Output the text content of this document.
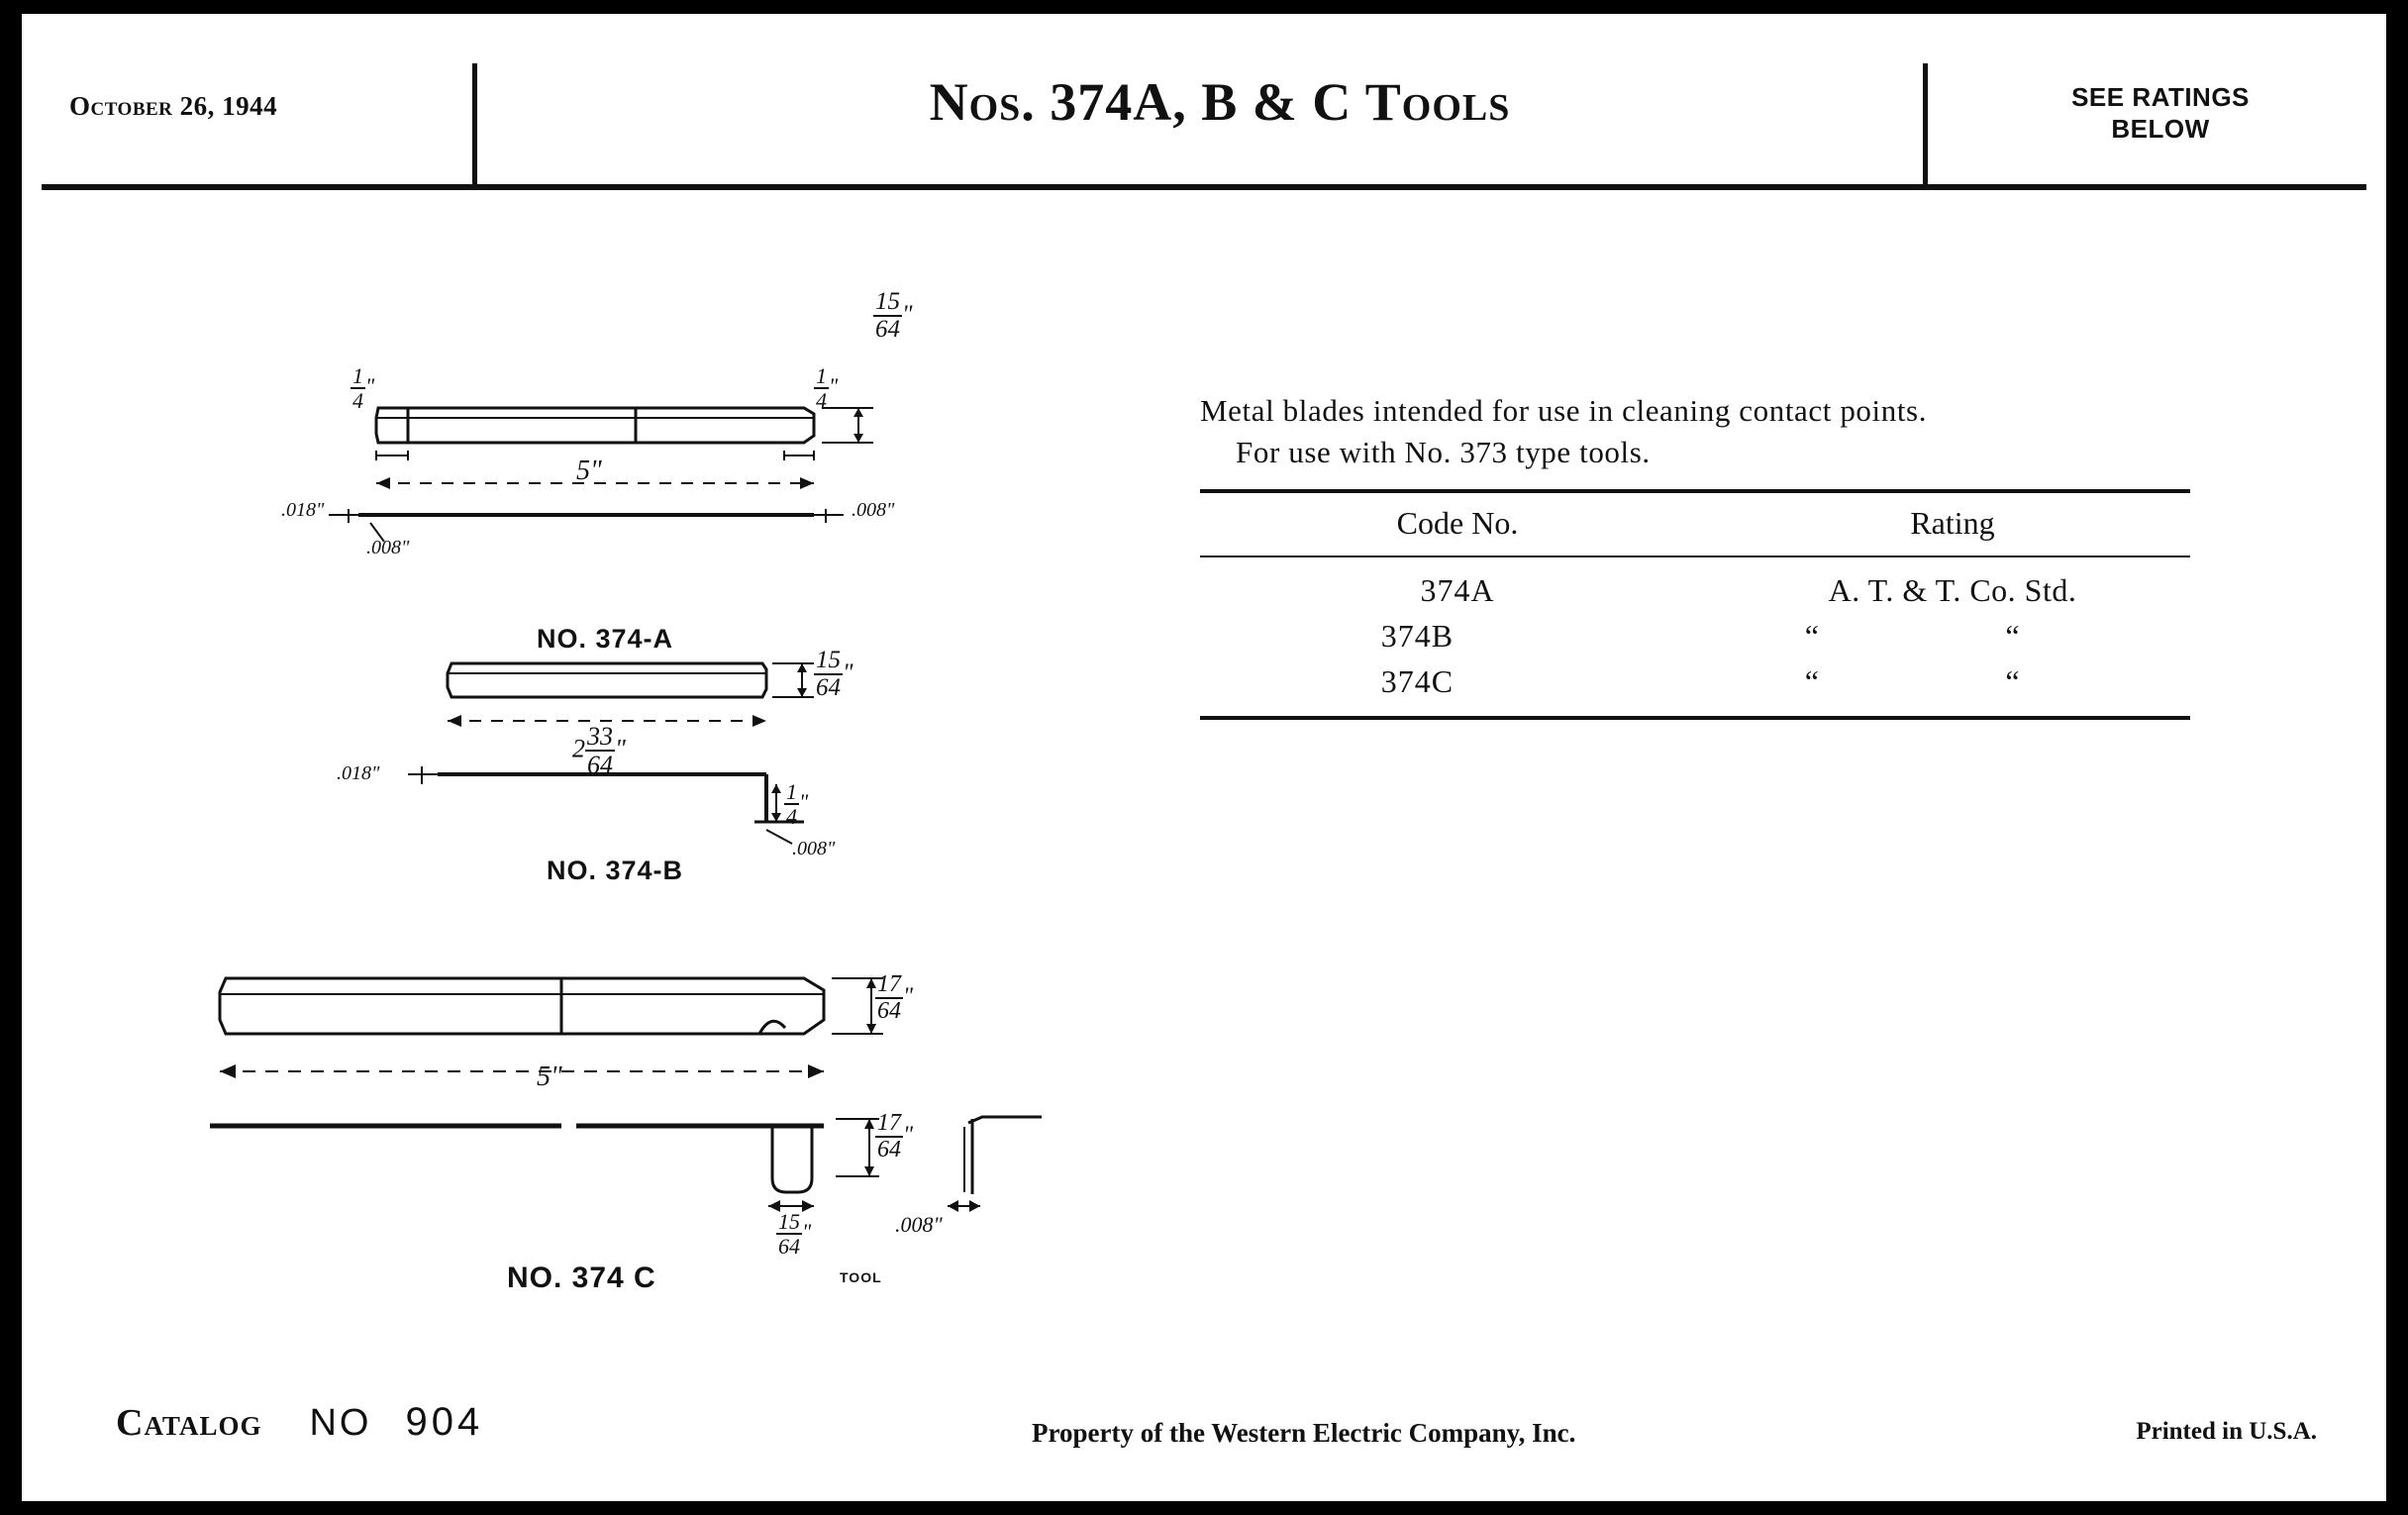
October 26, 1944	Nos. 374A, B & C Tools	SEE RATINGS
BELOW
$\frac{15}{64}$ "
$\frac{1}{4}$ "	$\frac{1}{4}$ "
5"
.018"	.008"
.008"
NO. 374-A
$\frac{15}{64}$ "
$2 \frac{33}{64}$ "
.018"
$\frac{1}{4}$ "
.008"
NO. 374-B
$\frac{17}{64}$ "
5"
$\frac{17}{64}$ "
$\frac{15}{64}$ "	.008"
NO. 374 C	TOOL
Metal blades intended for use in cleaning contact points.
For use with No. 373 type tools.
Code No.	Rating
374A	A. T. & T. Co. Std.
374B	“	“
374C	“	“
Catalog NO 904	Property of the Western Electric Company, Inc.	Printed in U.S.A.
